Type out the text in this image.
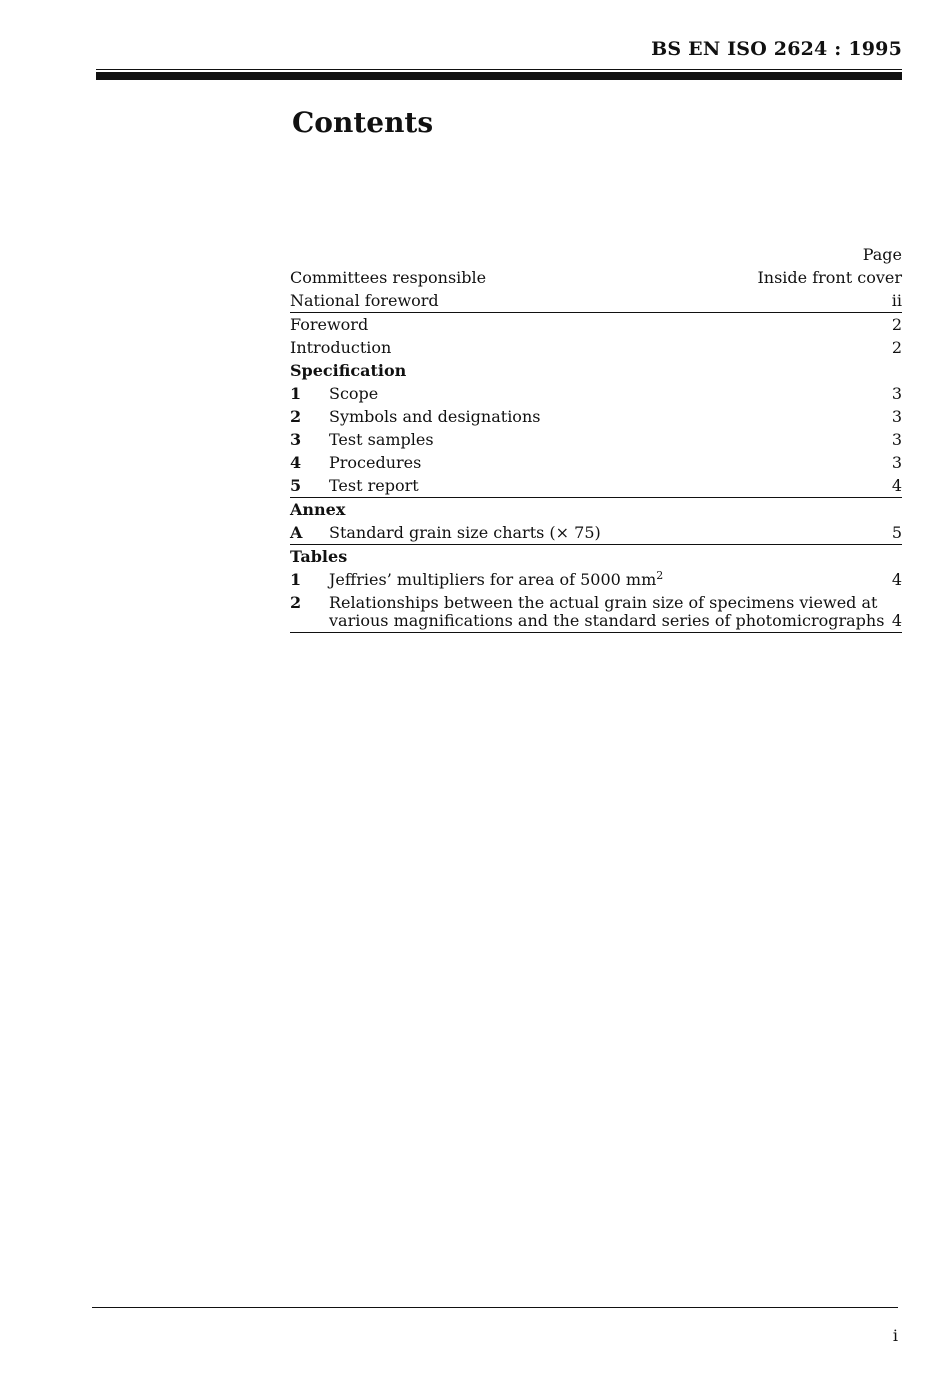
BS EN ISO 2624 : 1995
Contents
Page
Committees responsible	Inside front cover
National foreword	ii
Foreword	2
Introduction	2
Specification
1	Scope	3
2	Symbols and designations	3
3	Test samples	3
4	Procedures	3
5	Test report	4
Annex
A	Standard grain size charts (× 75)	5
Tables
1	Jeffries’ multipliers for area of 5000 $mm^2$	4
2	Relationships between the actual grain size of specimens viewed at
various magnifications and the standard series of photomicrographs 4
i
